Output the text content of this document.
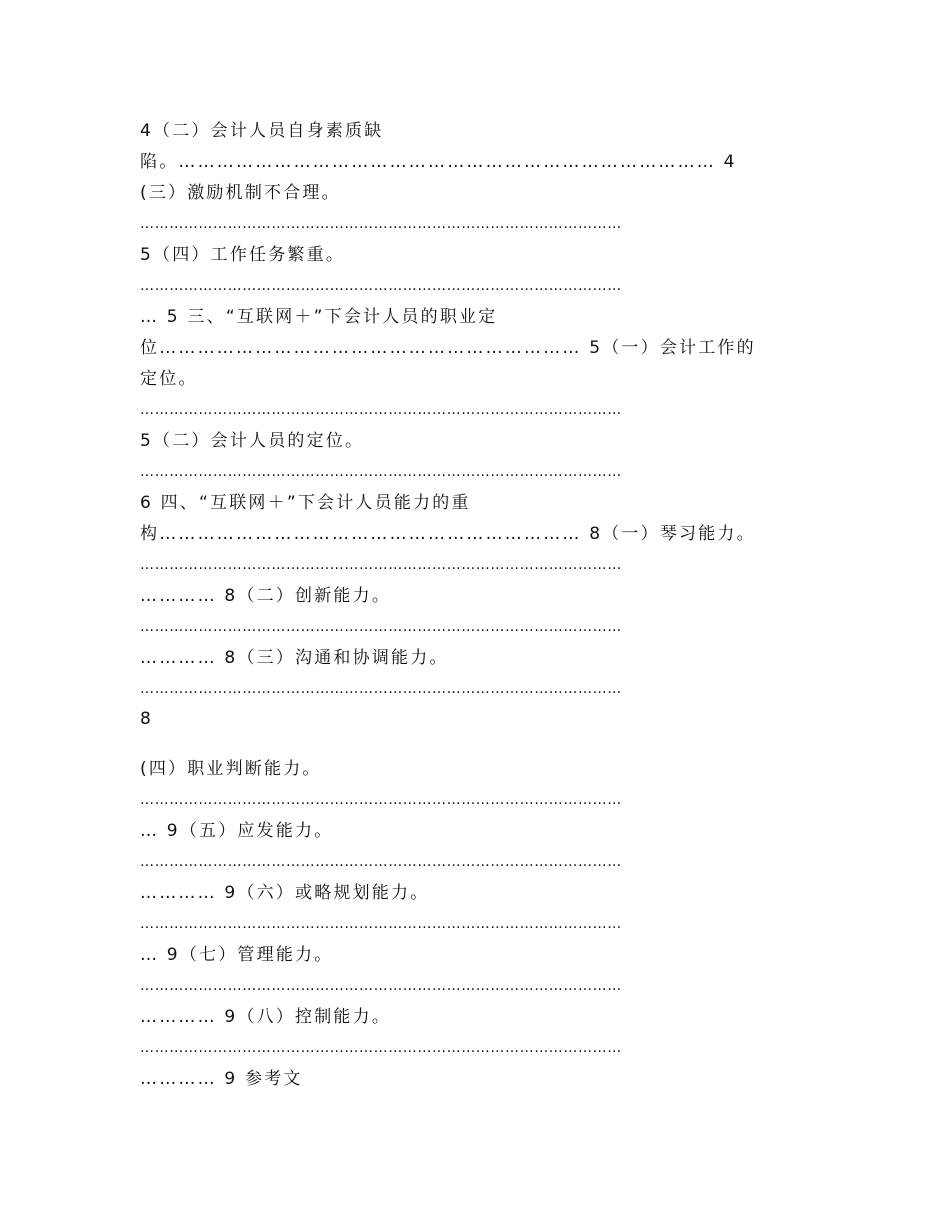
4（二）会计人员自身素质缺
陷。………………………………………………………………………… 4
(三）激励机制不合理。
………………………………………………………………………………………
5（四）工作任务繁重。
………………………………………………………………………………………
… 5 三、“互联网＋”下会计人员的职业定
位………………………………………………………… 5（一）会计工作的
定位。
………………………………………………………………………………………
5（二）会计人员的定位。
………………………………………………………………………………………
6 四、“互联网＋”下会计人员能力的重
构………………………………………………………… 8（一）琴习能力。
………………………………………………………………………………………
………… 8（二）创新能力。
………………………………………………………………………………………
………… 8（三）沟通和协调能力。
………………………………………………………………………………………
8
(四）职业判断能力。
………………………………………………………………………………………
… 9（五）应发能力。
………………………………………………………………………………………
………… 9（六）或略规划能力。
………………………………………………………………………………………
… 9（七）管理能力。
………………………………………………………………………………………
………… 9（八）控制能力。
………………………………………………………………………………………
………… 9 参考文
